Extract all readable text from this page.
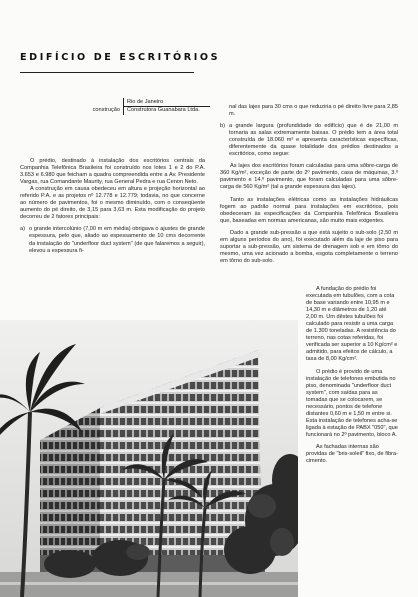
EDIFÍCIO DE ESCRITÓRIOS
Rio de Janeiro
construção	Construtora Guanabara Ltda.

O prédio, destinado à instalação dos escritórios centrais da Companhia Telefônica Brasileira foi construído nos lotes 1 e 2 do P.A. 3.653 e 6.980 que feicham a quadra compreendida entre a Av. Presidente Vargas, rua Comandante Maurity, rua General Pedra e rua Cenon Neto.

A construção em causa obedeceu em altura e projeção horizontal ao referido P.A. e as projetos nº 12.778 e 12.779; todavia, no que concerne ao número de pavimentos, foi o mesmo diminuído, com o conseqüente aumento do pé direito, de 3,15 para 3,63 m. Esta modificação do projeto decorreu de 2 fatores principais:

a) o grande intercolúnio (7,00 m em média) obrigava o ajustes de grande espessura, pelo que, aliado ao espessamento de 10 cms decorrente da instalação do "underfloor duct system" (de que falaremos a seguir), elevou a espessura fi-

nal das lajes para 30 cms o que reduziria o pé direito livre para 2,85 m.

b) a grande largura (profundidade do edifício) que é de 21,00 m tornaria as salas extremamente baixas. O prédio tem a área total construída de 18.060 m² e apresenta características específicas, diferentemente da quase totalidade dos prédios destinados a escritórios, como segue:

As lajes dos escritórios foram calculadas para uma sôbre-carga de 360 Kg/m², exceção de parte do 2º pavimento, casa de máquinas, 3.º pavimento e 14.º pavimento, que foram calculadas para uma sôbre-carga de 560 Kg/m² (tal a grande espessura das lajes).

Tanto as instalações elétricas como as instalações hidráulicas fogem ao padrão normal para instalações em escritórios, pois obedeceram às especificações da Companhia Telefônica Brasileira que, baseadas em normas americanas, são muito mais exigentes.

Dado a grande sub-pressão a que está sujeito o sub-solo (2,50 m em alguns períodos do ano), foi executado além da laje de piso para suportar a sub-pressão, um sistema de drenagem sob e em tôrno do mesmo, uma vez acionado a bomba, esgota completamente o terreno em tôrno do sub-solo.

A fundação do prédio foi executada em tubulões, com a cota de base variando entre 10,95 m e 14,30 m e diâmetros de 1,20 até 2,00 m. Um dêstes tubulões foi calculado para resistir a uma carga de 1.300 toneladas. A resistência do terreno, nas cotas referidas, foi verificada ser superior a 10 Kg/cm² e admitido, para efeitos de cálculo, a taxa de 8,00 Kg/cm².

O prédio é provido de uma instalação de telefones embutida no piso, denominada "underfloor duct system", com saídas para as tomadas que se colocarem, se necessário, pontos de telefone distantes 0,60 m e 1,50 m entre si. Esta instalação de telefones acha-se ligada à estação de PABX "050", que funcionará no 2º pavimento, bloco A.

As fachadas internas são providas de "bris-soleil" fixo, de fibra-cimento.
